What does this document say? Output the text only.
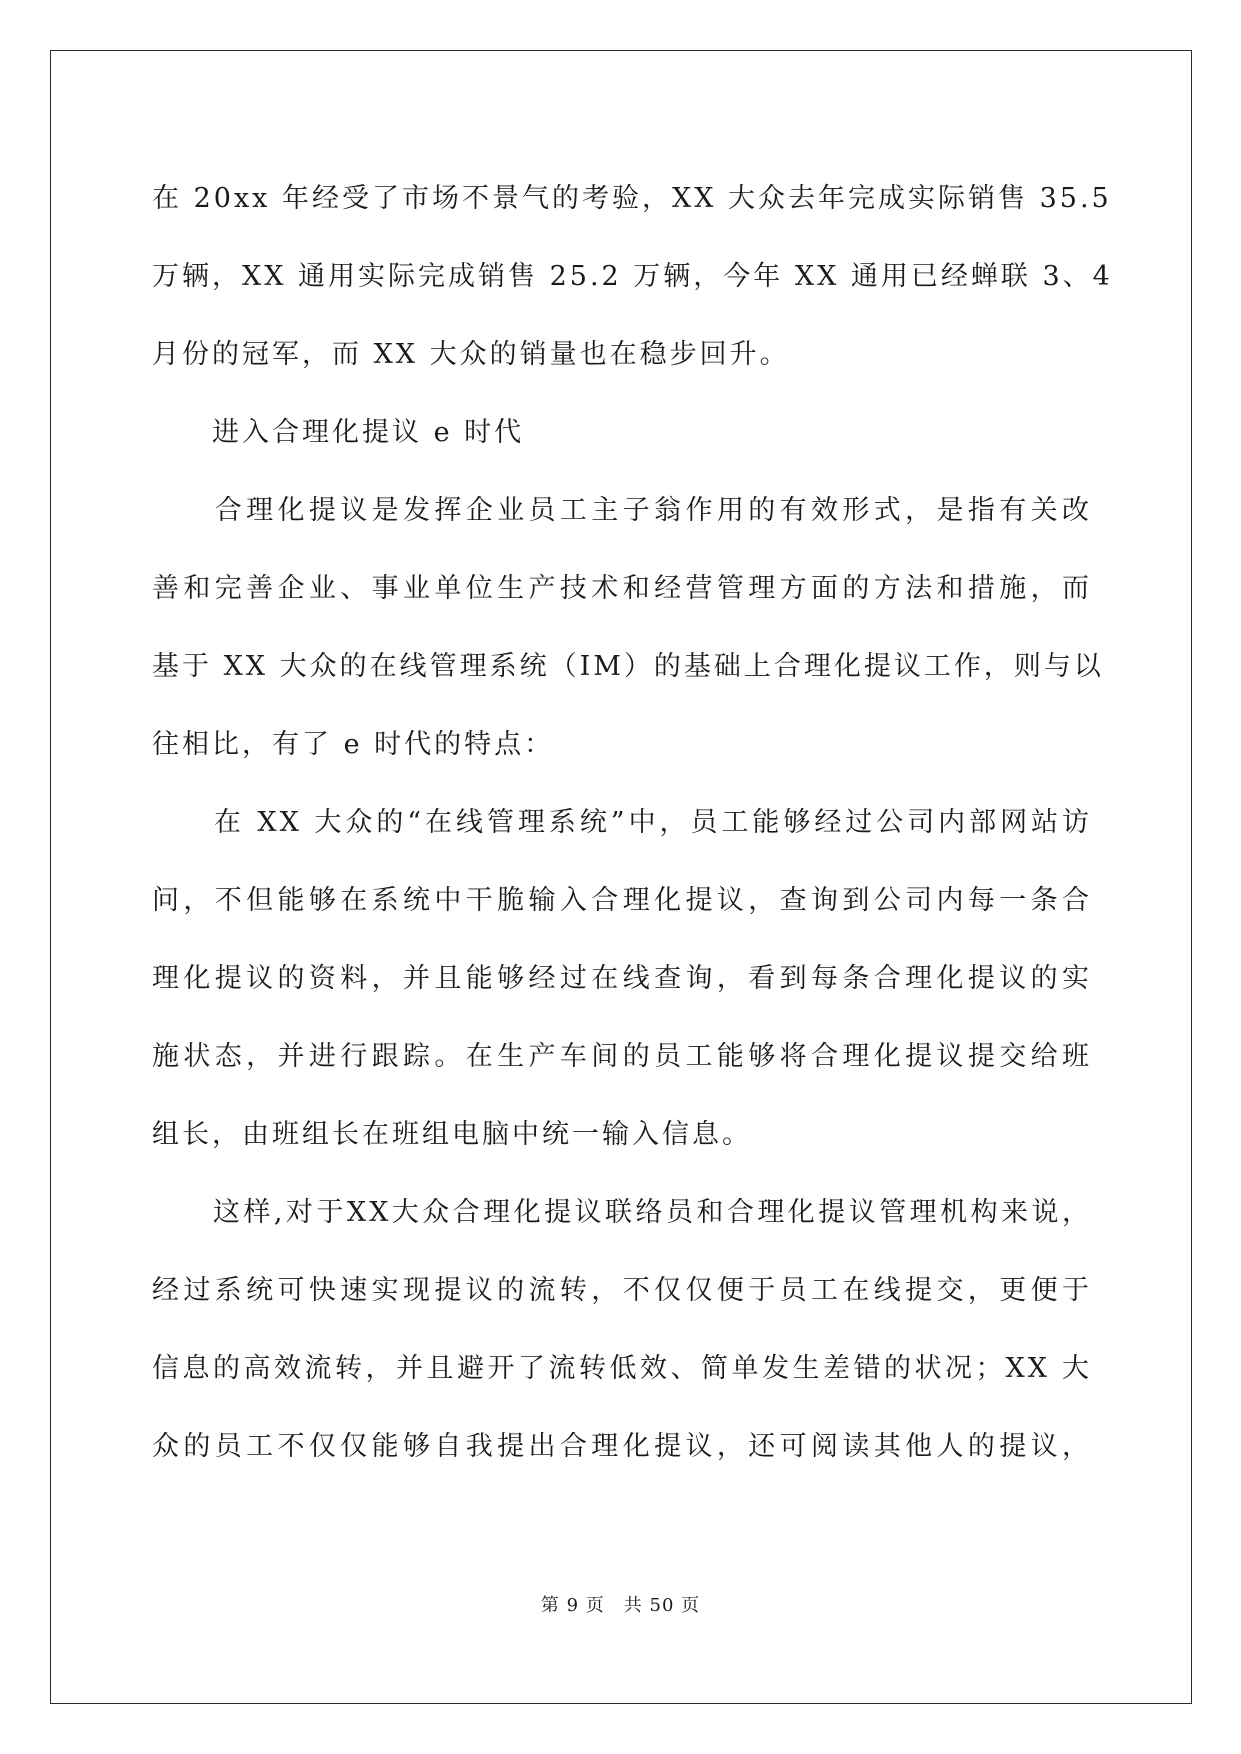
在 20xx 年经受了市场不景气的考验，XX 大众去年完成实际销售 35.5

万辆，XX 通用实际完成销售 25.2 万辆，今年 XX 通用已经蝉联 3、4

月份的冠军，而 XX 大众的销量也在稳步回升。

　　进入合理化提议 e 时代

　　合理化提议是发挥企业员工主子翁作用的有效形式，是指有关改

善和完善企业、事业单位生产技术和经营管理方面的方法和措施，而

基于 XX 大众的在线管理系统（IM）的基础上合理化提议工作，则与以

往相比，有了 e 时代的特点：

　　在 XX 大众的“在线管理系统”中，员工能够经过公司内部网站访

问，不但能够在系统中干脆输入合理化提议，查询到公司内每一条合

理化提议的资料，并且能够经过在线查询，看到每条合理化提议的实

施状态，并进行跟踪。在生产车间的员工能够将合理化提议提交给班

组长，由班组长在班组电脑中统一输入信息。

　　这样,对于XX大众合理化提议联络员和合理化提议管理机构来说，

经过系统可快速实现提议的流转，不仅仅便于员工在线提交，更便于

信息的高效流转，并且避开了流转低效、简单发生差错的状况；XX 大

众的员工不仅仅能够自我提出合理化提议，还可阅读其他人的提议，

第 9 页　共 50 页
